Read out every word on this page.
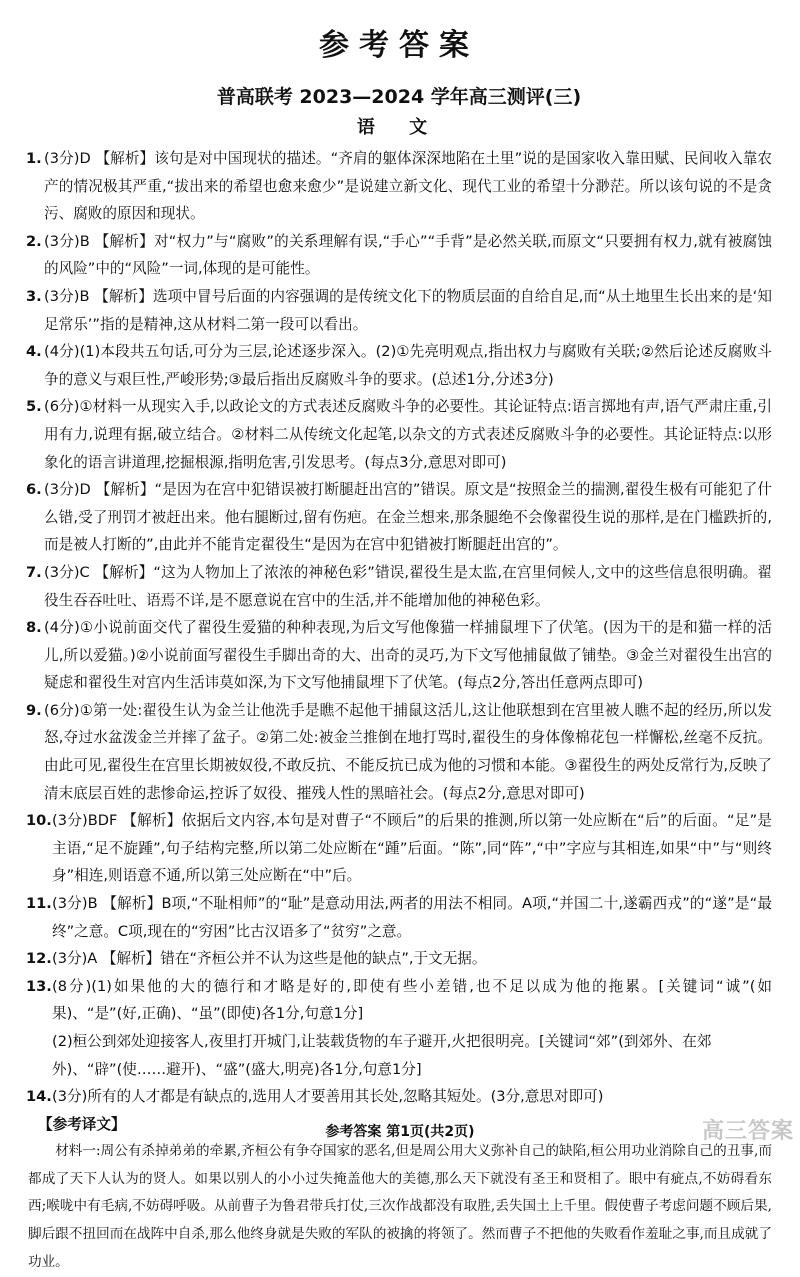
参考答案
普高联考 2023—2024 学年高三测评(三)
语 文
1. (3分)D 【解析】该句是对中国现状的描述。“齐肩的躯体深深地陷在土里”说的是国家收入靠田赋、民间收入靠农产的情况极其严重,“拔出来的希望也愈来愈少”是说建立新文化、现代工业的希望十分渺茫。所以该句说的不是贪污、腐败的原因和现状。
2. (3分)B 【解析】对“权力”与“腐败”的关系理解有误,“手心”“手背”是必然关联,而原文“只要拥有权力,就有被腐蚀的风险”中的“风险”一词,体现的是可能性。
3. (3分)B 【解析】选项中冒号后面的内容强调的是传统文化下的物质层面的自给自足,而“从土地里生长出来的是‘知足常乐’”指的是精神,这从材料二第一段可以看出。
4. (4分)(1)本段共五句话,可分为三层,论述逐步深入。(2)①先亮明观点,指出权力与腐败有关联;②然后论述反腐败斗争的意义与艰巨性,严峻形势;③最后指出反腐败斗争的要求。(总述1分,分述3分)
5. (6分)①材料一从现实入手,以政论文的方式表述反腐败斗争的必要性。其论证特点:语言掷地有声,语气严肃庄重,引用有力,说理有据,破立结合。②材料二从传统文化起笔,以杂文的方式表述反腐败斗争的必要性。其论证特点:以形象化的语言讲道理,挖掘根源,指明危害,引发思考。(每点3分,意思对即可)
6. (3分)D 【解析】“是因为在宫中犯错误被打断腿赶出宫的”错误。原文是“按照金兰的揣测,翟役生极有可能犯了什么错,受了刑罚才被赶出来。他右腿断过,留有伤疤。在金兰想来,那条腿绝不会像翟役生说的那样,是在门槛跌折的,而是被人打断的”,由此并不能肯定翟役生“是因为在宫中犯错被打断腿赶出宫的”。
7. (3分)C 【解析】“这为人物加上了浓浓的神秘色彩”错误,翟役生是太监,在宫里伺候人,文中的这些信息很明确。翟役生吞吞吐吐、语焉不详,是不愿意说在宫中的生活,并不能增加他的神秘色彩。
8. (4分)①小说前面交代了翟役生爱猫的种种表现,为后文写他像猫一样捕鼠埋下了伏笔。(因为干的是和猫一样的活儿,所以爱猫。)②小说前面写翟役生手脚出奇的大、出奇的灵巧,为下文写他捕鼠做了铺垫。③金兰对翟役生出宫的疑虑和翟役生对宫内生活讳莫如深,为下文写他捕鼠埋下了伏笔。(每点2分,答出任意两点即可)
9. (6分)①第一处:翟役生认为金兰让他洗手是瞧不起他干捕鼠这活儿,这让他联想到在宫里被人瞧不起的经历,所以发怒,夺过水盆泼金兰并摔了盆子。②第二处:被金兰推倒在地打骂时,翟役生的身体像棉花包一样懈松,丝毫不反抗。由此可见,翟役生在宫里长期被奴役,不敢反抗、不能反抗已成为他的习惯和本能。③翟役生的两处反常行为,反映了清末底层百姓的悲惨命运,控诉了奴役、摧残人性的黑暗社会。(每点2分,意思对即可)
10. (3分)BDF 【解析】依据后文内容,本句是对曹子“不顾后”的后果的推测,所以第一处应断在“后”的后面。“足”是主语,“足不旋踵”,句子结构完整,所以第二处应断在“踵”后面。“陈”,同“阵”,“中”字应与其相连,如果“中”与“则终身”相连,则语意不通,所以第三处应断在“中”后。
11. (3分)B 【解析】B项,“不耻相师”的“耻”是意动用法,两者的用法不相同。A项,“并国二十,遂霸西戎”的“遂”是“最终”之意。C项,现在的“穷困”比古汉语多了“贫穷”之意。
12. (3分)A 【解析】错在“齐桓公并不认为这些是他的缺点”,于文无据。
13. (8分)(1)如果他的大的德行和才略是好的,即使有些小差错,也不足以成为他的拖累。[关键词“诚”(如果)、“是”(好,正确)、“虽”(即使)各1分,句意1分]
(2)桓公到郊处迎接客人,夜里打开城门,让装载货物的车子避开,火把很明亮。[关键词“郊”(到郊外、在郊外)、“辟”(使……避开)、“盛”(盛大,明亮)各1分,句意1分]
14. (3分)所有的人才都是有缺点的,选用人才要善用其长处,忽略其短处。(3分,意思对即可)
【参考译文】
材料一:周公有杀掉弟弟的牵累,齐桓公有争夺国家的恶名,但是周公用大义弥补自己的缺陷,桓公用功业消除自己的丑事,而都成了天下人认为的贤人。如果以别人的小小过失掩盖他大的美德,那么天下就没有圣王和贤相了。眼中有疵点,不妨碍看东西;喉咙中有毛病,不妨碍呼吸。从前曹子为鲁君带兵打仗,三次作战都没有取胜,丢失国土上千里。假使曹子考虑问题不顾后果,脚后跟不扭回而在战阵中自杀,那么他终身就是失败的军队的被擒的将领了。然而曹子不把他的失败看作羞耻之事,而且成就了功业。
参考答案 第1页(共2页)	高三答案
